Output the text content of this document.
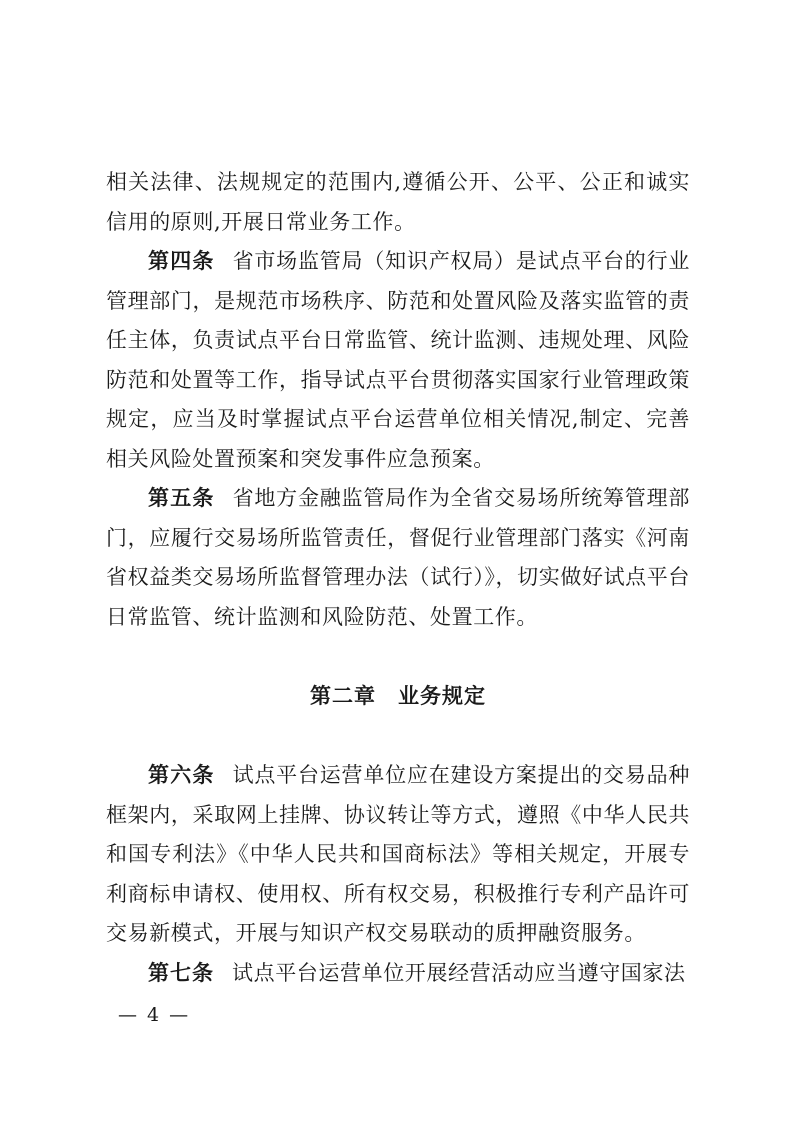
相关法律、法规规定的范围内,遵循公开、公平、公正和诚实信用的原则,开展日常业务工作。

第四条 省市场监管局（知识产权局）是试点平台的行业管理部门，是规范市场秩序、防范和处置风险及落实监管的责任主体，负责试点平台日常监管、统计监测、违规处理、风险防范和处置等工作，指导试点平台贯彻落实国家行业管理政策规定，应当及时掌握试点平台运营单位相关情况,制定、完善相关风险处置预案和突发事件应急预案。

第五条 省地方金融监管局作为全省交易场所统筹管理部门，应履行交易场所监管责任，督促行业管理部门落实《河南省权益类交易场所监督管理办法（试行）》，切实做好试点平台日常监管、统计监测和风险防范、处置工作。

第二章 业务规定

第六条 试点平台运营单位应在建设方案提出的交易品种框架内，采取网上挂牌、协议转让等方式，遵照《中华人民共和国专利法》《中华人民共和国商标法》等相关规定，开展专利商标申请权、使用权、所有权交易，积极推行专利产品许可交易新模式，开展与知识产权交易联动的质押融资服务。

第七条 试点平台运营单位开展经营活动应当遵守国家法

— 4 —
